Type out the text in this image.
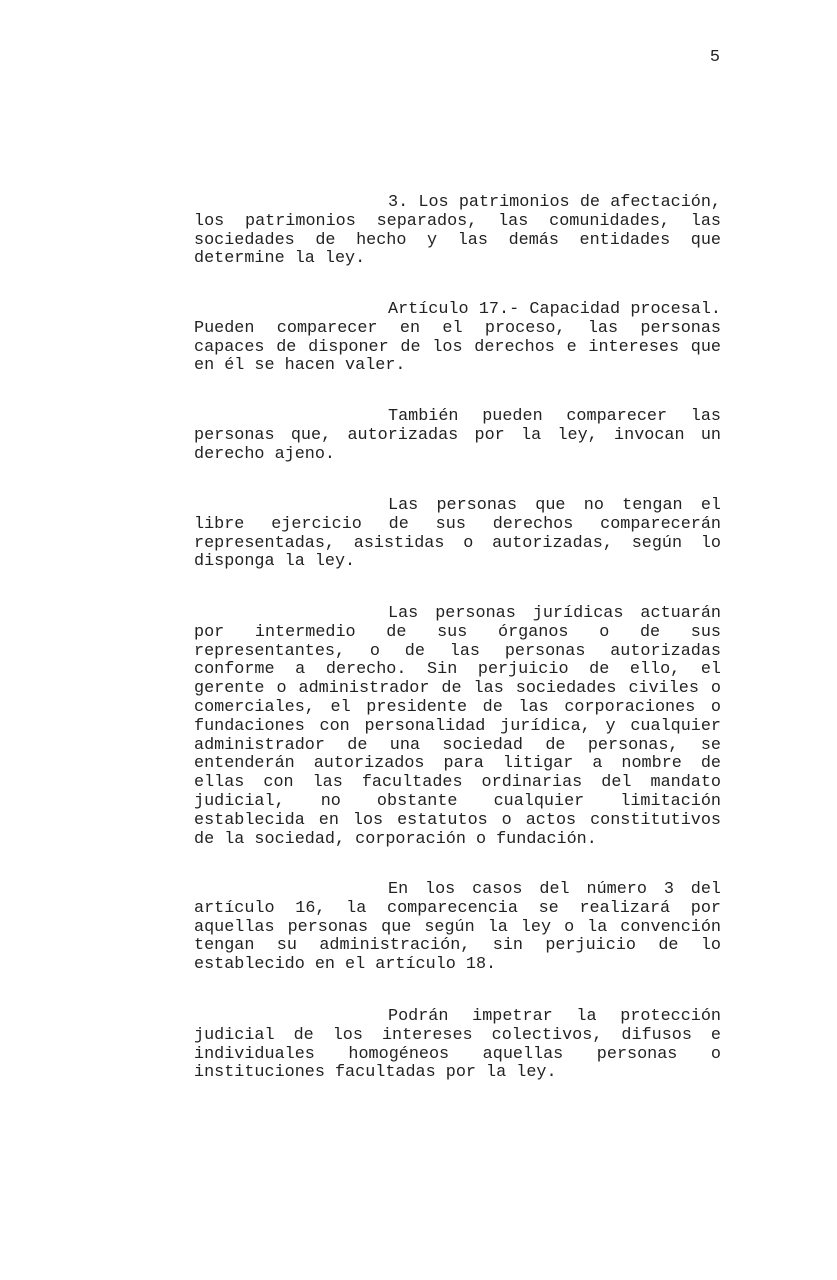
5

3. Los patrimonios de afectación, los patrimonios separados, las comunidades, las sociedades de hecho y las demás entidades que determine la ley.

Artículo 17.- Capacidad procesal. Pueden comparecer en el proceso, las personas capaces de disponer de los derechos e intereses que en él se hacen valer.

También pueden comparecer las personas que, autorizadas por la ley, invocan un derecho ajeno.

Las personas que no tengan el libre ejercicio de sus derechos comparecerán representadas, asistidas o autorizadas, según lo disponga la ley.

Las personas jurídicas actuarán por intermedio de sus órganos o de sus representantes, o de las personas autorizadas conforme a derecho. Sin perjuicio de ello, el gerente o administrador de las sociedades civiles o comerciales, el presidente de las corporaciones o fundaciones con personalidad jurídica, y cualquier administrador de una sociedad de personas, se entenderán autorizados para litigar a nombre de ellas con las facultades ordinarias del mandato judicial, no obstante cualquier limitación establecida en los estatutos o actos constitutivos de la sociedad, corporación o fundación.

En los casos del número 3 del artículo 16, la comparecencia se realizará por aquellas personas que según la ley o la convención tengan su administración, sin perjuicio de lo establecido en el artículo 18.

Podrán impetrar la protección judicial de los intereses colectivos, difusos e individuales homogéneos aquellas personas o instituciones facultadas por la ley.
